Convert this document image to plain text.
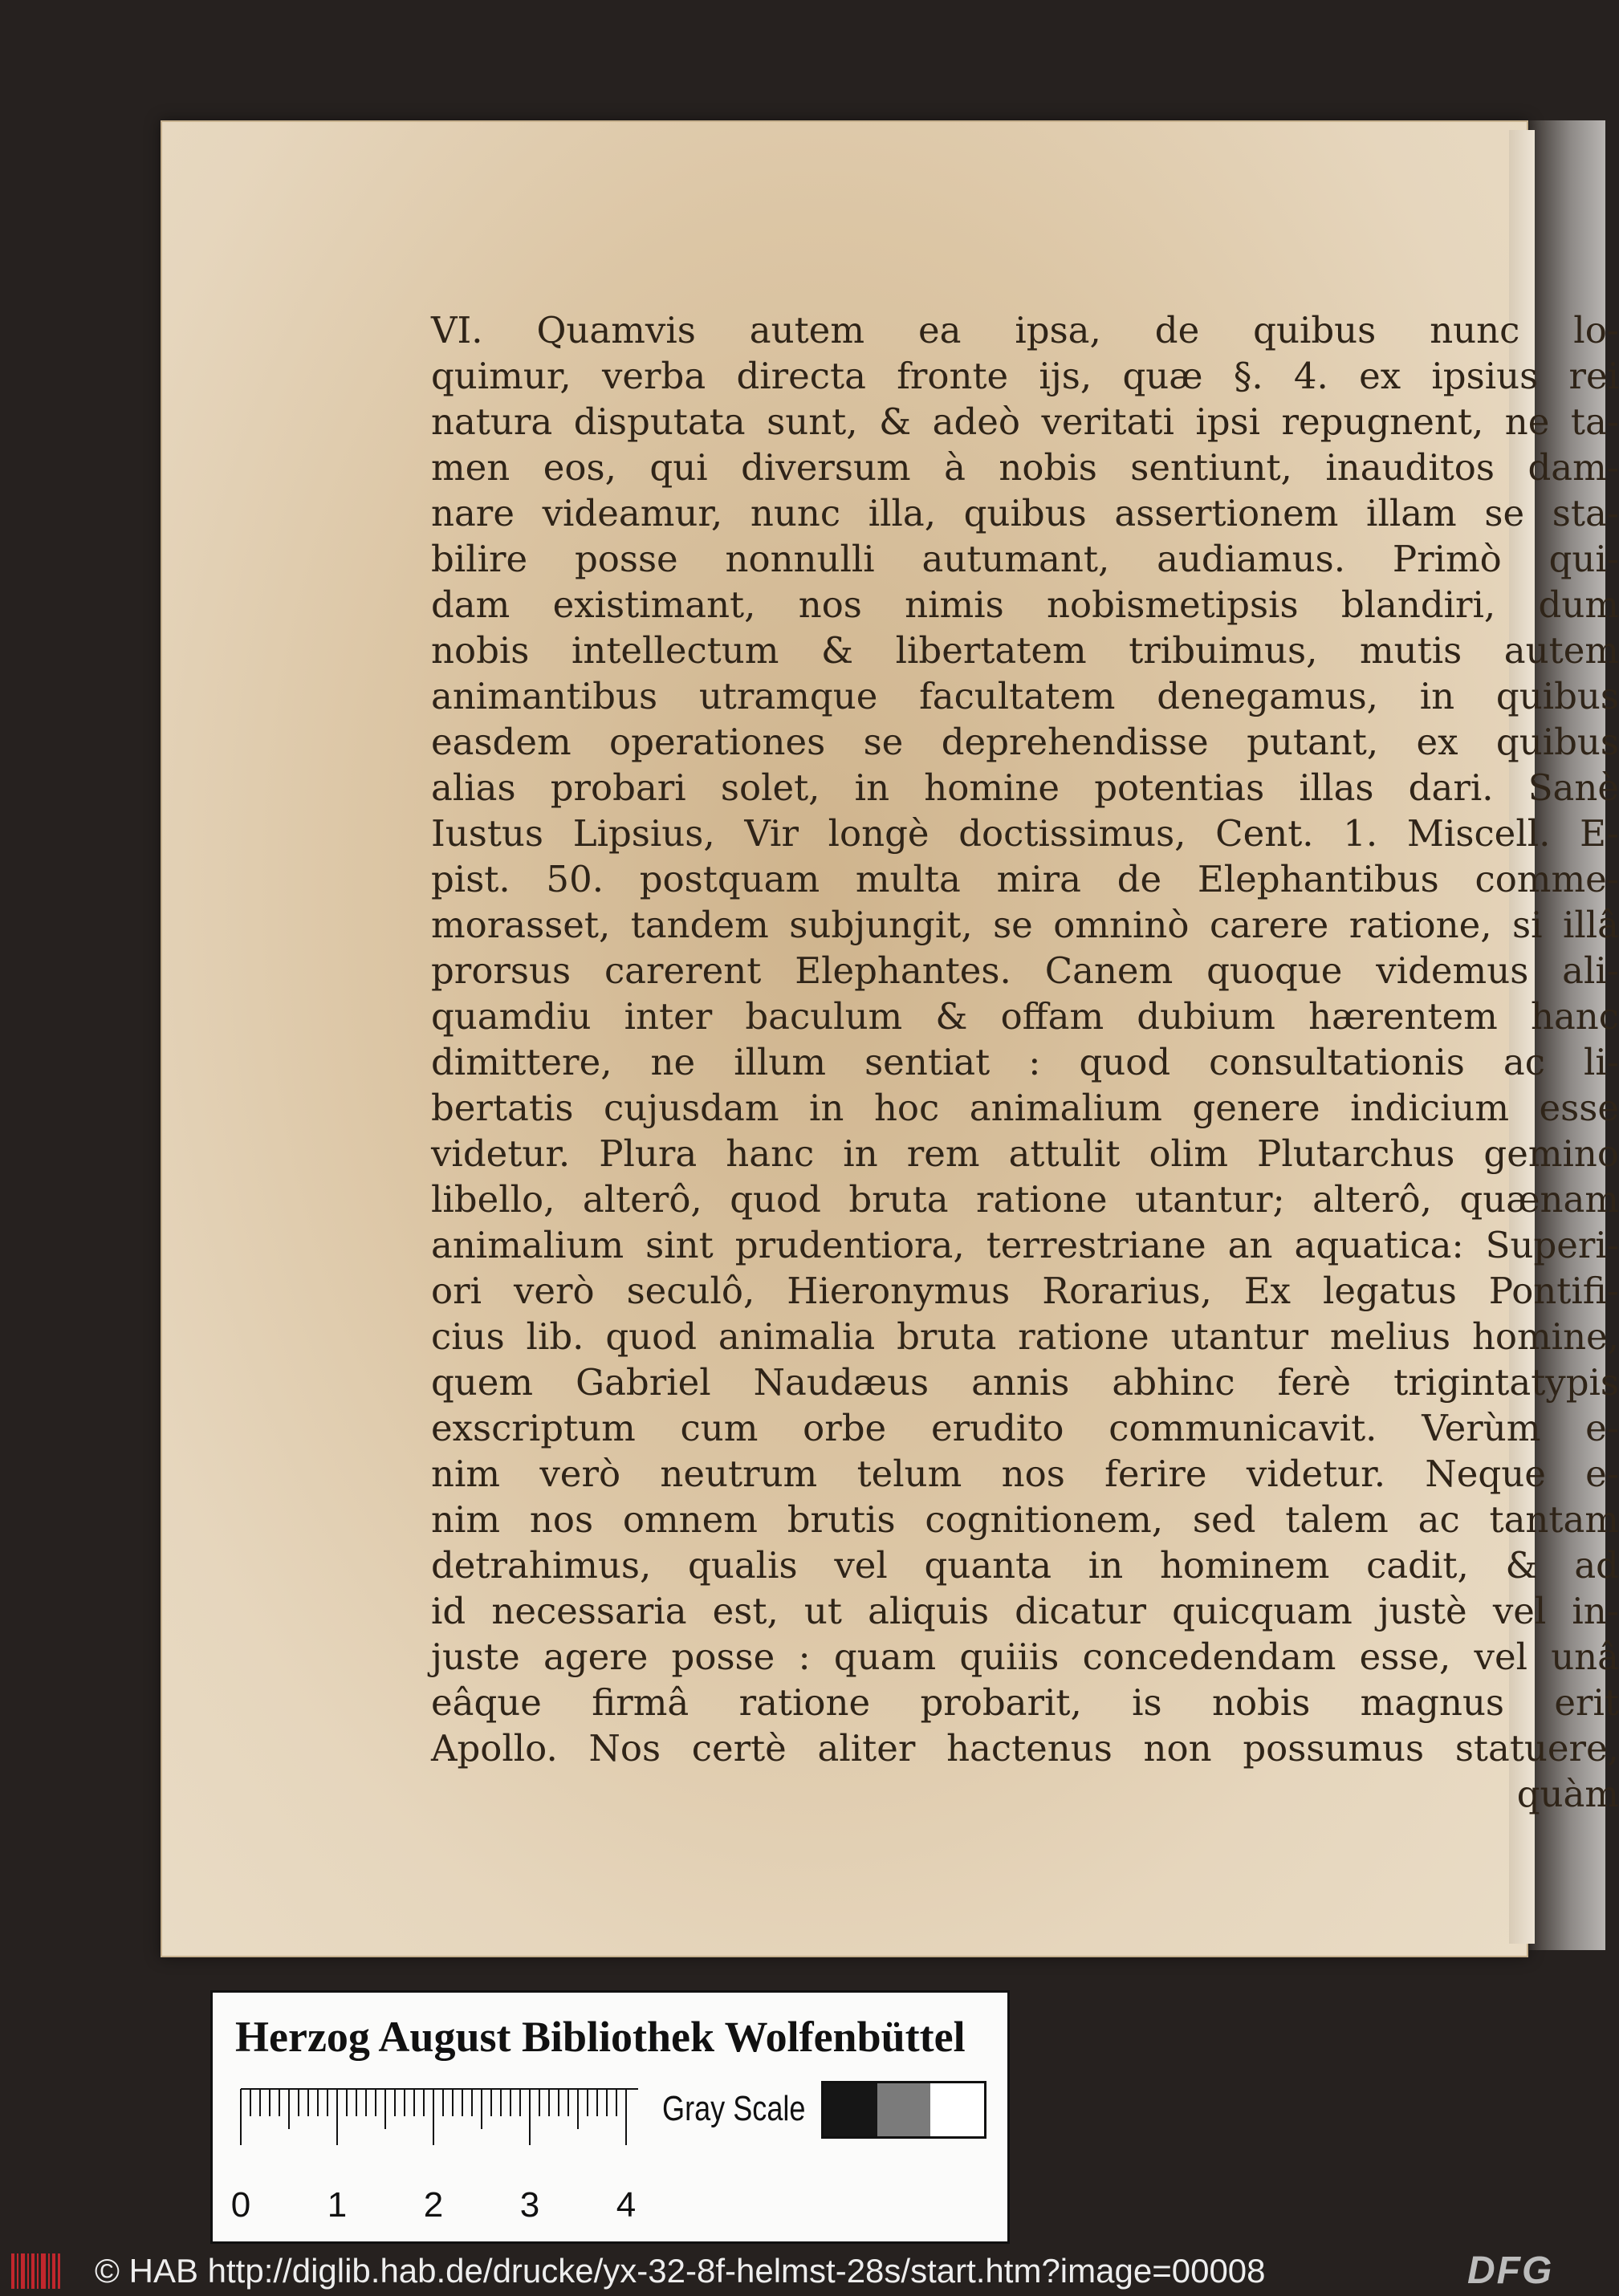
VI. Quamvis autem ea ipsa, de quibus nunc lo-
quimur, verba directa fronte ijs, quæ §. 4. ex ipsius rei
natura disputata sunt, & adeò veritati ipsi repugnent, ne ta-
men eos, qui diversum à nobis sentiunt, inauditos dam-
nare videamur, nunc illa, quibus assertionem illam se sta-
bilire posse nonnulli autumant, audiamus. Primò qui-
dam existimant, nos nimis nobismetipsis blandiri, dum
nobis intellectum & libertatem tribuimus, mutis autem
animantibus utramque facultatem denegamus, in quibus
easdem operationes se deprehendisse putant, ex quibus
alias probari solet, in homine potentias illas dari. Sanè
Iustus Lipsius, Vir longè doctissimus, Cent. 1. Miscell. E-
pist. 50. postquam multa mira de Elephantibus comme-
morasset, tandem subjungit, se omninò carere ratione, si illâ
prorsus carerent Elephantes. Canem quoque videmus ali-
quamdiu inter baculum & offam dubium hærentem hanc
dimittere, ne illum sentiat : quod consultationis ac li-
bertatis cujusdam in hoc animalium genere indicium esse
videtur. Plura hanc in rem attulit olim Plutarchus gemino
libello, alterô, quod bruta ratione utantur; alterô, quænam
animalium sint prudentiora, terrestriane an aquatica: Superi-
ori verò seculô, Hieronymus Rorarius, Ex legatus Pontifi-
cius lib. quod animalia bruta ratione utantur melius homine,
quem Gabriel Naudæus annis abhinc ferè trigintatypis
exscriptum cum orbe erudito communicavit. Verùm e-
nim verò neutrum telum nos ferire videtur. Neque e-
nim nos omnem brutis cognitionem, sed talem ac tantam
detrahimus, qualis vel quanta in hominem cadit, & ad
id necessaria est, ut aliquis dicatur quicquam justè vel in-
juste agere posse : quam quiiis concedendam esse, vel unâ
eâque firmâ ratione probarit, is nobis magnus erit
Apollo. Nos certè aliter hactenus non possumus statuere,
quàm
Herzog August Bibliothek Wolfenbüttel
0 1 2 3 4
Gray Scale
© HAB http://diglib.hab.de/drucke/yx-32-8f-helmst-28s/start.htm?image=00008	DFG
